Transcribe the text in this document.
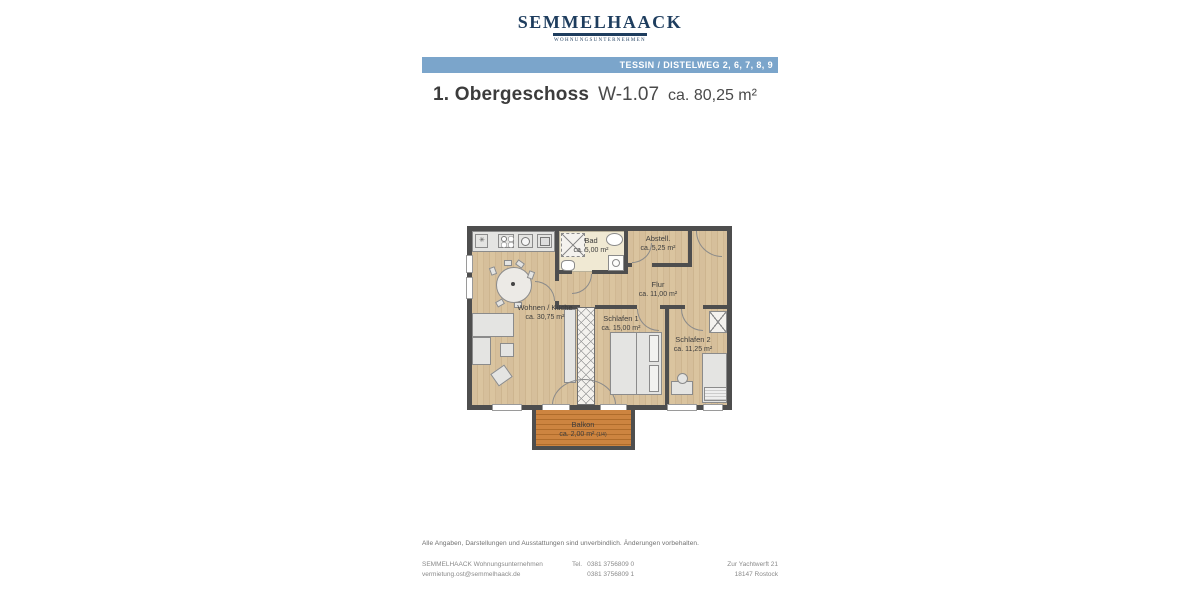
SEMMELHAACK
WOHNUNGSUNTERNEHMEN
TESSIN / DISTELWEG 2, 6, 7, 8, 9
1. Obergeschoss W-1.07 ca. 80,25 m²
✳
Wohnen / Küche
ca. 30,75 m²
Bad
ca. 5,00 m²
Abstell.
ca. 5,25 m²
Flur
ca. 11,00 m²
Schlafen 1
ca. 15,00 m²
Schlafen 2
ca. 11,25 m²
Balkon
ca. 2,00 m² (1/4)
Alle Angaben, Darstellungen und Ausstattungen sind unverbindlich. Änderungen vorbehalten.
SEMMELHAACK Wohnungsunternehmen
vermietung.ost@semmelhaack.de
Tel. 0381 3756809 0
0381 3756809 1
Zur Yachtwerft 21
18147 Rostock
